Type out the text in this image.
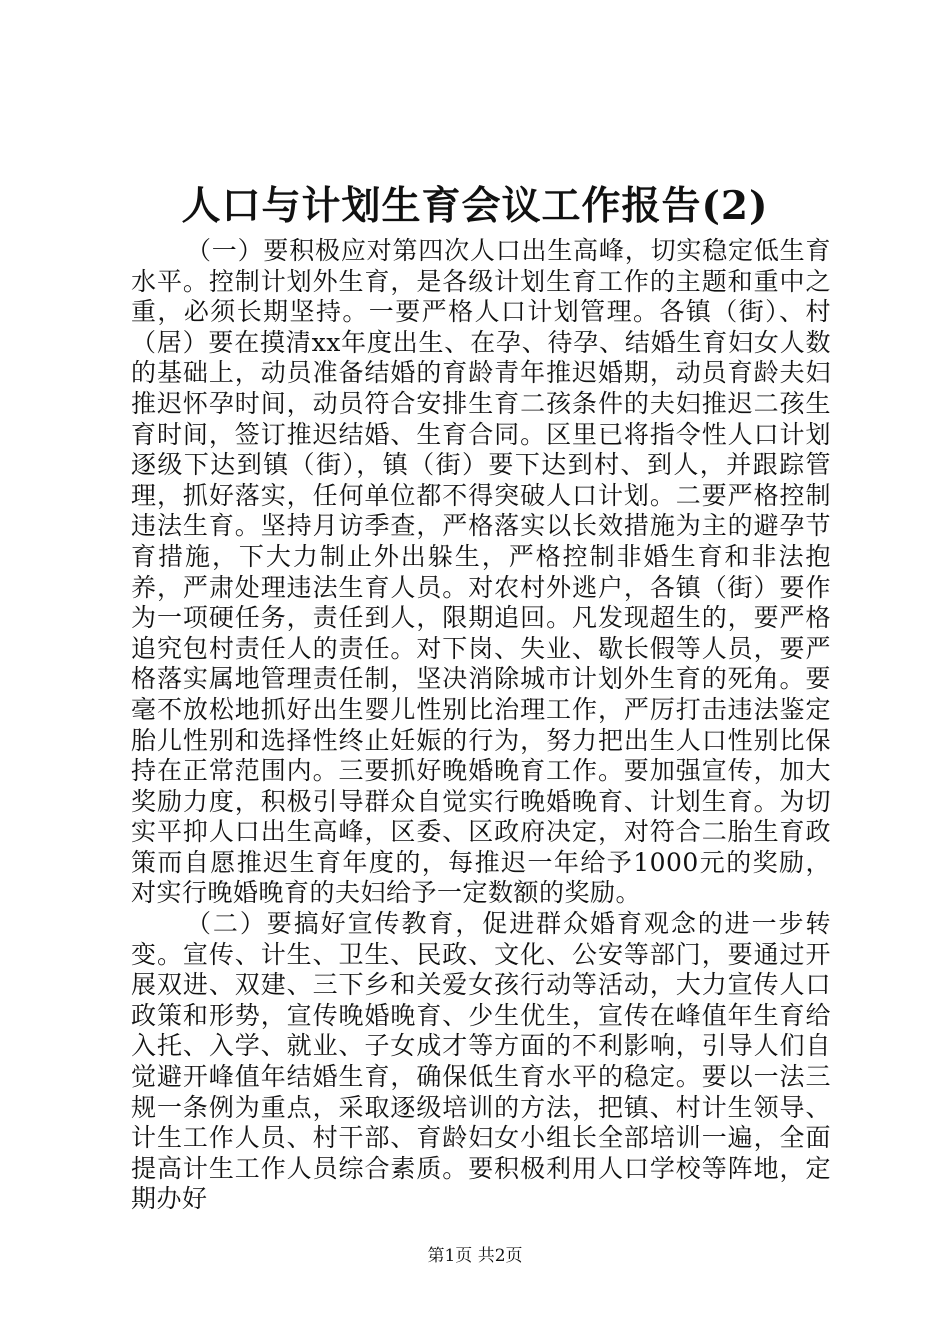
人口与计划生育会议工作报告(2)

（一）要积极应对第四次人口出生高峰，切实稳定低生育水平。控制计划外生育，是各级计划生育工作的主题和重中之重，必须长期坚持。一要严格人口计划管理。各镇（街）、村（居）要在摸清xx年度出生、在孕、待孕、结婚生育妇女人数的基础上，动员准备结婚的育龄青年推迟婚期，动员育龄夫妇推迟怀孕时间，动员符合安排生育二孩条件的夫妇推迟二孩生育时间，签订推迟结婚、生育合同。区里已将指令性人口计划逐级下达到镇（街），镇（街）要下达到村、到人，并跟踪管理，抓好落实，任何单位都不得突破人口计划。二要严格控制违法生育。坚持月访季查，严格落实以长效措施为主的避孕节育措施，下大力制止外出躲生，严格控制非婚生育和非法抱养，严肃处理违法生育人员。对农村外逃户，各镇（街）要作为一项硬任务，责任到人，限期追回。凡发现超生的，要严格追究包村责任人的责任。对下岗、失业、歇长假等人员，要严格落实属地管理责任制，坚决消除城市计划外生育的死角。要毫不放松地抓好出生婴儿性别比治理工作，严厉打击违法鉴定胎儿性别和选择性终止妊娠的行为，努力把出生人口性别比保持在正常范围内。三要抓好晚婚晚育工作。要加强宣传，加大奖励力度，积极引导群众自觉实行晚婚晚育、计划生育。为切实平抑人口出生高峰，区委、区政府决定，对符合二胎生育政策而自愿推迟生育年度的，每推迟一年给予1000元的奖励，对实行晚婚晚育的夫妇给予一定数额的奖励。

（二）要搞好宣传教育，促进群众婚育观念的进一步转变。宣传、计生、卫生、民政、文化、公安等部门，要通过开展双进、双建、三下乡和关爱女孩行动等活动，大力宣传人口政策和形势，宣传晚婚晚育、少生优生，宣传在峰值年生育给入托、入学、就业、子女成才等方面的不利影响，引导人们自觉避开峰值年结婚生育，确保低生育水平的稳定。要以一法三规一条例为重点，采取逐级培训的方法，把镇、村计生领导、计生工作人员、村干部、育龄妇女小组长全部培训一遍，全面提高计生工作人员综合素质。要积极利用人口学校等阵地，定期办好

第1页 共2页
